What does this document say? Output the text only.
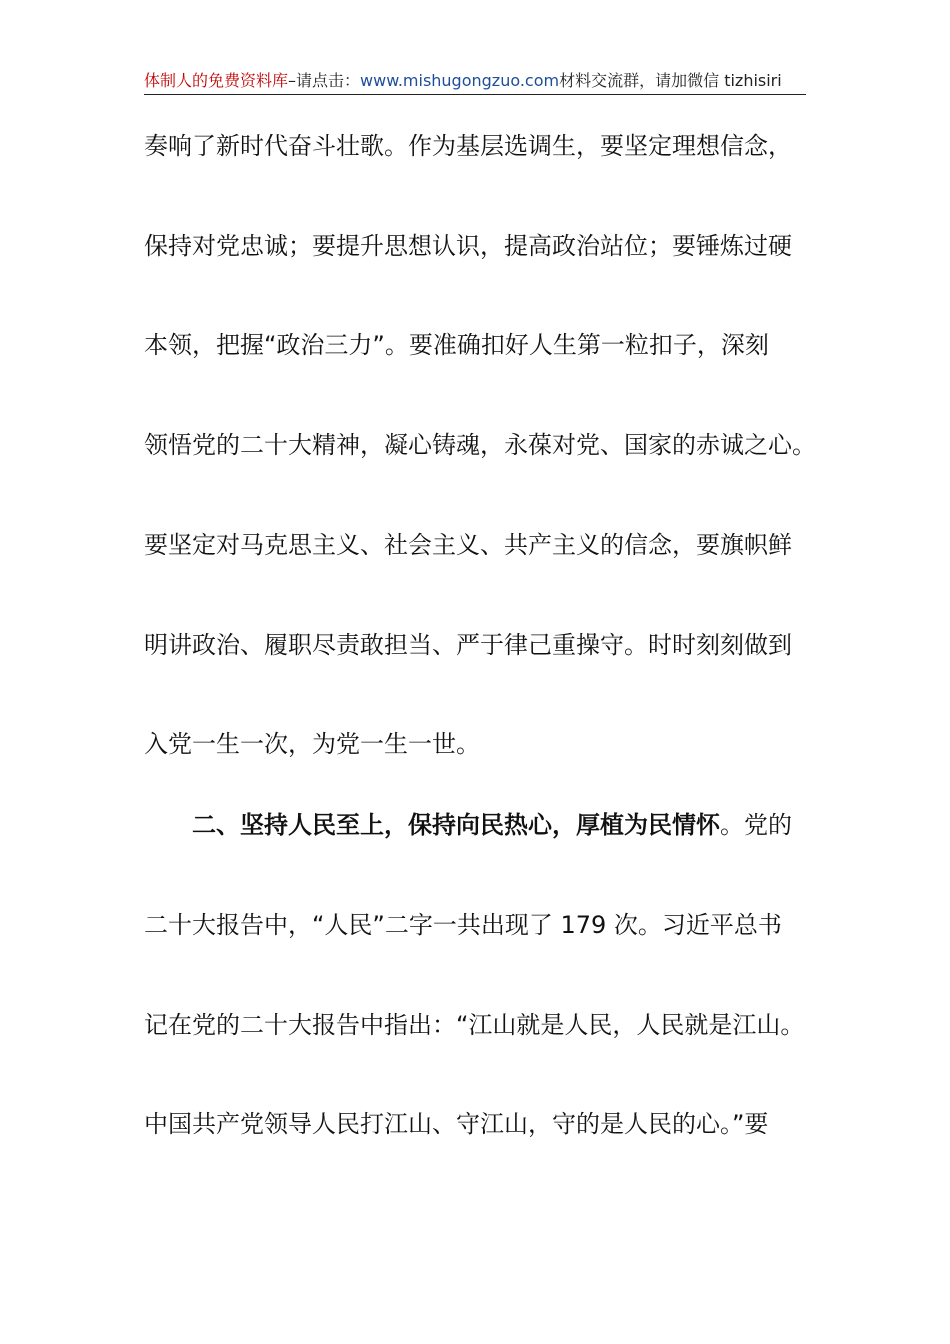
体制人的免费资料库–请点击：www.mishugongzuo.com材料交流群，请加微信 tizhisiri
奏响了新时代奋斗壮歌。作为基层选调生，要坚定理想信念，
保持对党忠诚；要提升思想认识，提高政治站位；要锤炼过硬
本领，把握“政治三力”。要准确扣好人生第一粒扣子，深刻
领悟党的二十大精神，凝心铸魂，永葆对党、国家的赤诚之心。
要坚定对马克思主义、社会主义、共产主义的信念，要旗帜鲜
明讲政治、履职尽责敢担当、严于律己重操守。时时刻刻做到
入党一生一次，为党一生一世。
二、坚持人民至上，保持向民热心，厚植为民情怀。党的
二十大报告中，“人民”二字一共出现了 179 次。习近平总书
记在党的二十大报告中指出：“江山就是人民，人民就是江山。
中国共产党领导人民打江山、守江山，守的是人民的心。”要
